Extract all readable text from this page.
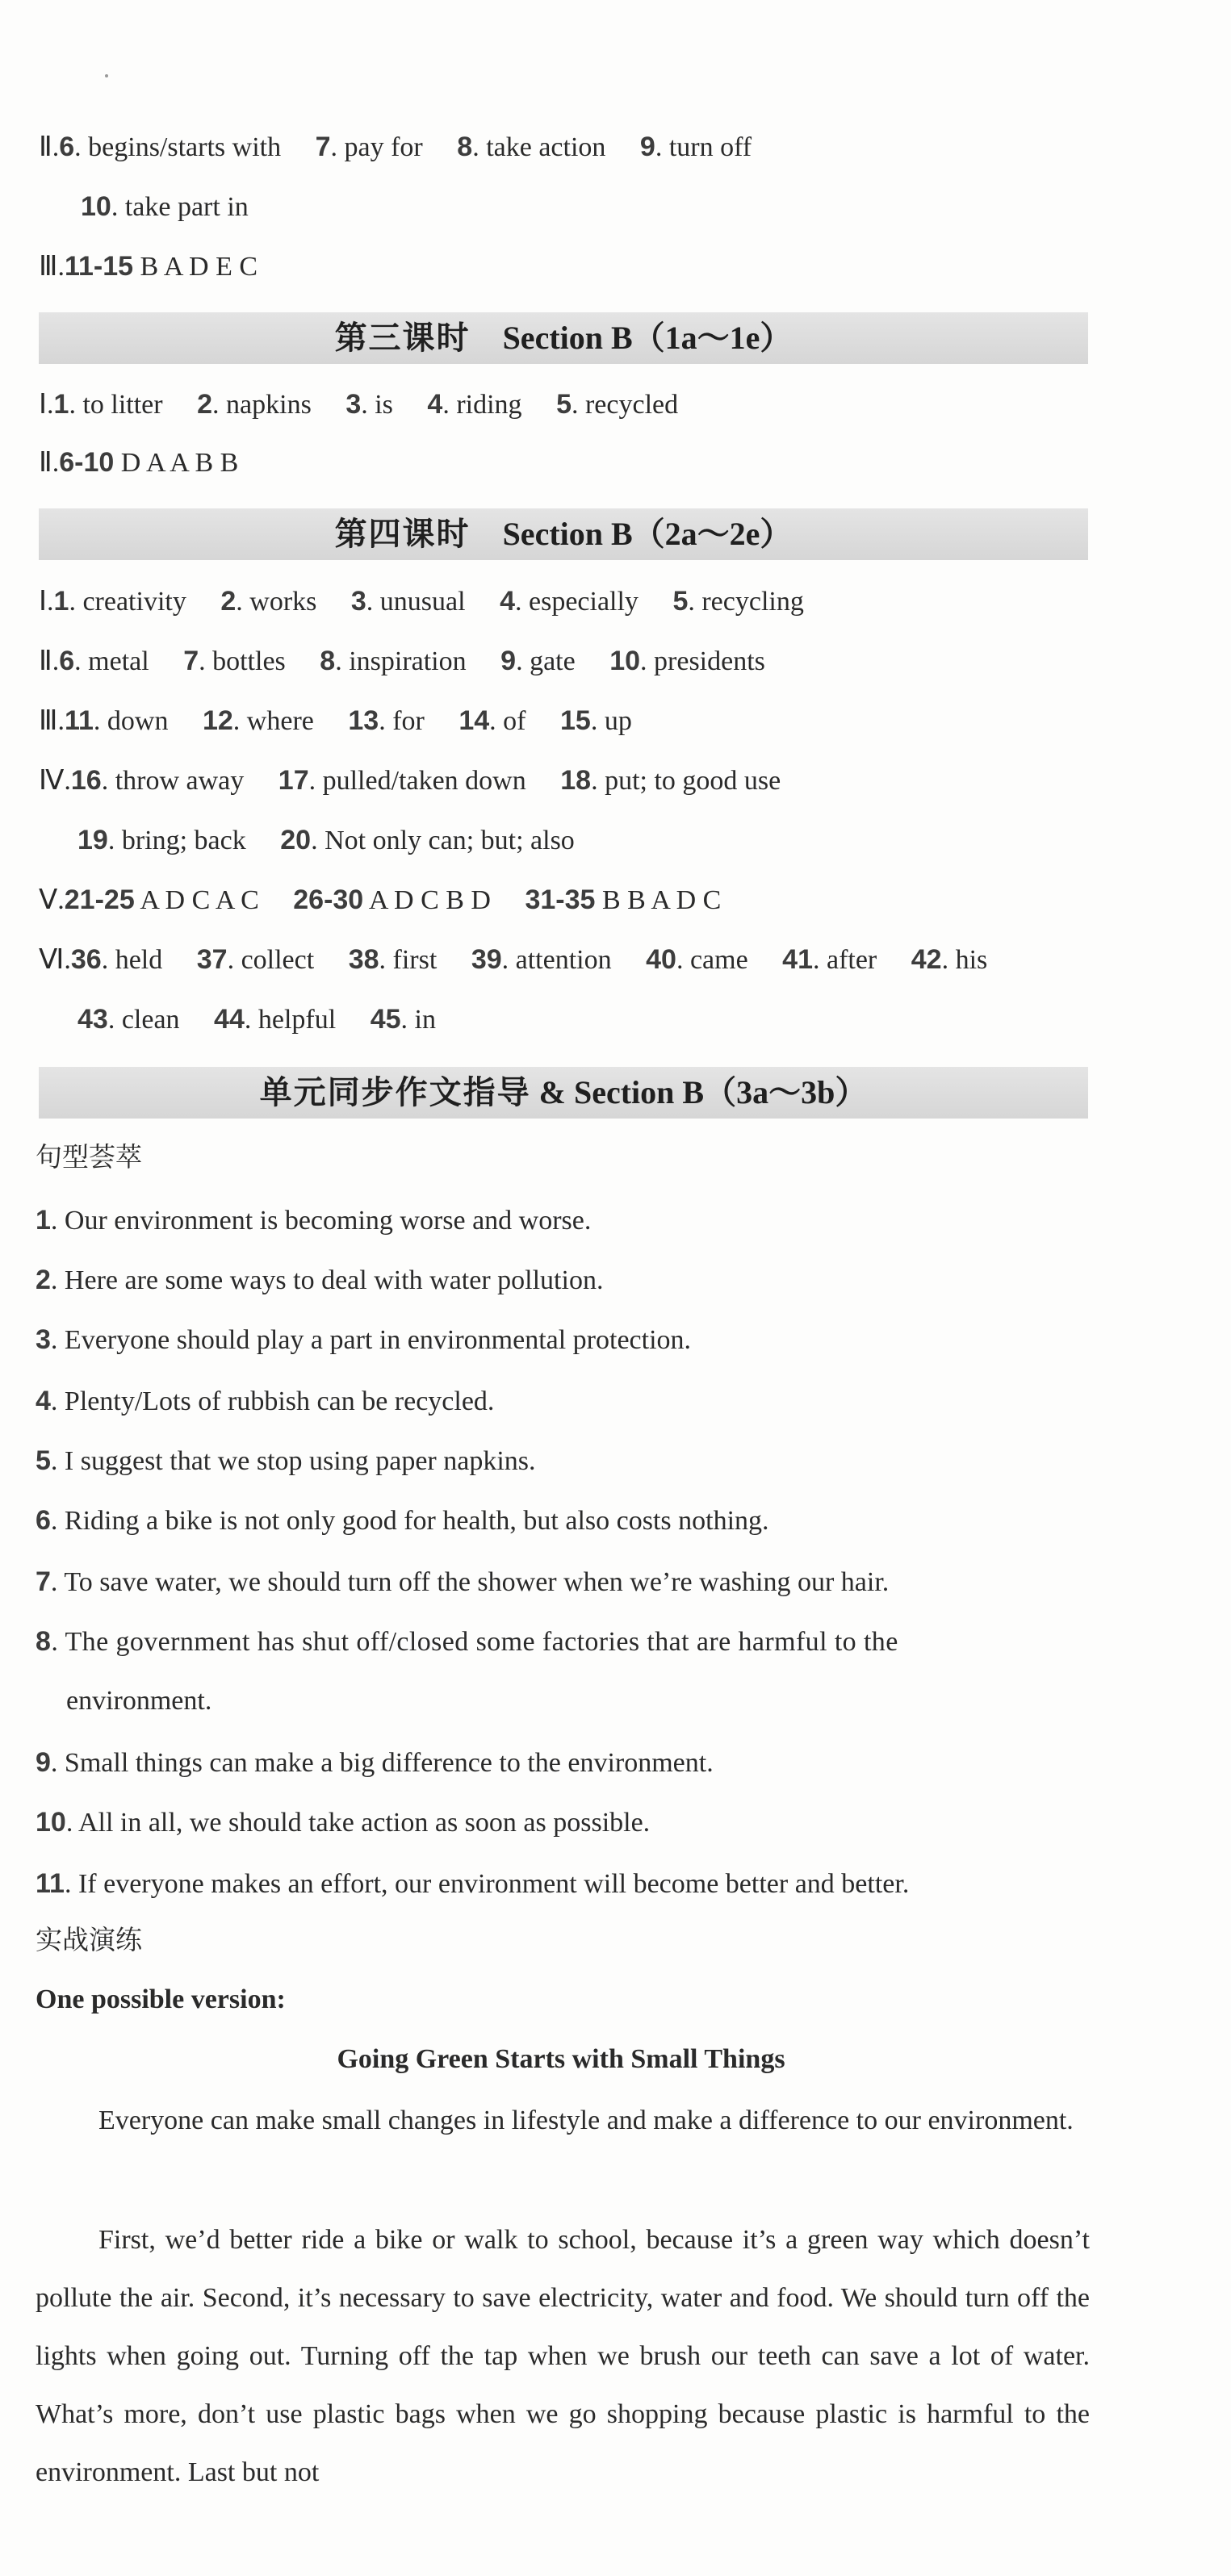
Ⅱ.6. begins/starts with 7. pay for 8. take action 9. turn off
10. take part in
Ⅲ.11-15 B A D E C
第三课时 Section B（1a～1e）
Ⅰ.1. to litter 2. napkins 3. is 4. riding 5. recycled
Ⅱ.6-10 D A A B B
第四课时 Section B（2a～2e）
Ⅰ.1. creativity 2. works 3. unusual 4. especially 5. recycling
Ⅱ.6. metal 7. bottles 8. inspiration 9. gate 10. presidents
Ⅲ.11. down 12. where 13. for 14. of 15. up
Ⅳ.16. throw away 17. pulled/taken down 18. put; to good use
19. bring; back 20. Not only can; but; also
Ⅴ.21-25 A D C A C 26-30 A D C B D 31-35 B B A D C
Ⅵ.36. held 37. collect 38. first 39. attention 40. came 41. after 42. his
43. clean 44. helpful 45. in
单元同步作文指导 & Section B（3a～3b）
句型荟萃
1. Our environment is becoming worse and worse.
2. Here are some ways to deal with water pollution.
3. Everyone should play a part in environmental protection.
4. Plenty/Lots of rubbish can be recycled.
5. I suggest that we stop using paper napkins.
6. Riding a bike is not only good for health, but also costs nothing.
7. To save water, we should turn off the shower when we’re washing our hair.
8. The government has shut off/closed some factories that are harmful to the
environment.
9. Small things can make a big difference to the environment.
10. All in all, we should take action as soon as possible.
11. If everyone makes an effort, our environment will become better and better.
实战演练
One possible version:
Going Green Starts with Small Things
Everyone can make small changes in lifestyle and make a difference to our environment.
First, we’d better ride a bike or walk to school, because it’s a green way which doesn’t pollute the air. Second, it’s necessary to save electricity, water and food. We should turn off the lights when going out. Turning off the tap when we brush our teeth can save a lot of water. What’s more, don’t use plastic bags when we go shopping because plastic is harmful to the environment. Last but not
